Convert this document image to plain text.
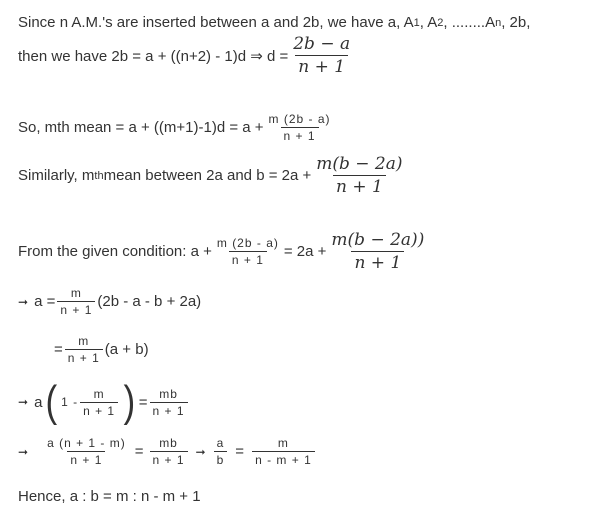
Since n A.M.'s are inserted between a and 2b, we have a, A 1 , A 2 , ........A n , 2b,
then we have 2b = a + ((n+2) - 1)d ⇒ $d = \frac{2b - a}{n + 1}$
So, mth mean = $a + ((m+1)-1)d = a + \frac{m (2b - a)}{n + 1}$
Similarly, m th mean between 2a and $b = 2a + \frac{m(b - 2a)}{n + 1}$
From the given condition: $a + \frac{m (2b - a)}{n + 1} = 2a + \frac{m(b - 2a))}{n + 1}$
➞ $a = \frac{m}{n + 1} (2b - a - b + 2a)$
= $\frac{m}{n + 1} (a + b)$
➞ a ( $1 - \frac{m}{n + 1}$ ) = $\frac{mb}{n + 1}$
➞ $\frac{a (n + 1 - m)}{n + 1} = \frac{mb}{n + 1}$ ➞ $\frac{a}{b} = \frac{m}{n - m + 1}$
Hence, a : b = m : n - m + 1
